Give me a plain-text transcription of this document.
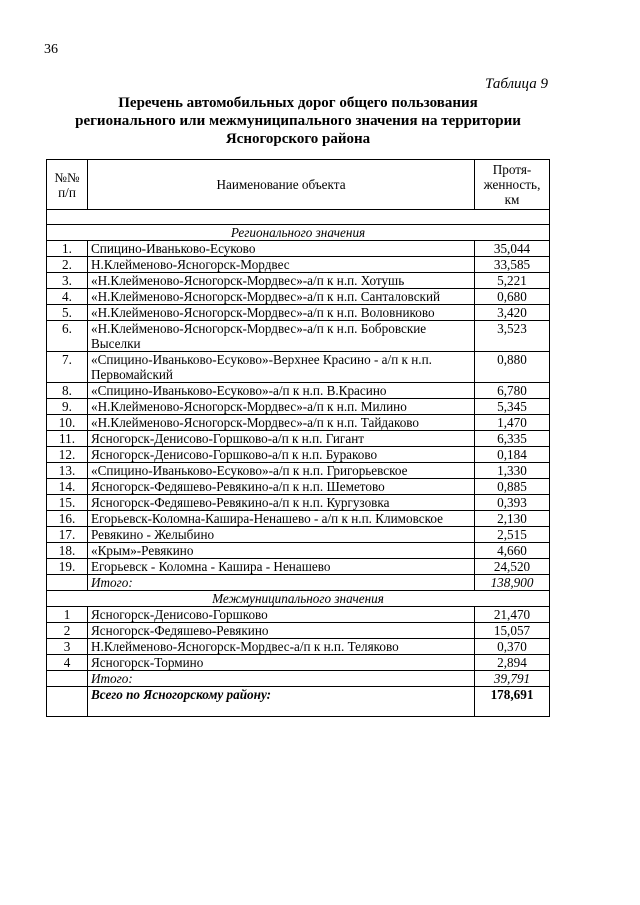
36
Таблица 9
Перечень автомобильных дорог общего пользования
регионального или межмуниципального значения на территории
Ясногорского района
№№ п/п	Наименование объекта	Протя-женность, км

Регионального значения		
1.	Спицино-Иваньково-Есуково	35,044
2.	Н.Клейменово-Ясногорск-Мордвес	33,585
3.	«Н.Клейменово-Ясногорск-Мордвес»-а/п к н.п. Хотушь	5,221
4.	«Н.Клейменово-Ясногорск-Мордвес»-а/п к н.п. Санталовский	0,680
5.	«Н.Клейменово-Ясногорск-Мордвес»-а/п к н.п. Воловниково	3,420
6.	«Н.Клейменово-Ясногорск-Мордвес»-а/п к н.п. Бобровские Выселки	3,523
7.	«Спицино-Иваньково-Есуково»-Верхнее Красино - а/п к н.п. Первомайский	0,880
8.	«Спицино-Иваньково-Есуково»-а/п к н.п. В.Красино	6,780
9.	«Н.Клейменово-Ясногорск-Мордвес»-а/п к н.п. Милино	5,345
10.	«Н.Клейменово-Ясногорск-Мордвес»-а/п к н.п. Тайдаково	1,470
11.	Ясногорск-Денисово-Горшково-а/п к н.п. Гигант	6,335
12.	Ясногорск-Денисово-Горшково-а/п к н.п. Бураково	0,184
13.	«Спицино-Иваньково-Есуково»-а/п к н.п. Григорьевское	1,330
14.	Ясногорск-Федяшево-Ревякино-а/п к н.п. Шеметово	0,885
15.	Ясногорск-Федяшево-Ревякино-а/п к н.п. Кургузовка	0,393
16.	Егорьевск-Коломна-Кашира-Ненашево - а/п к н.п. Климовское	2,130
17.	Ревякино - Желыбино	2,515
18.	«Крым»-Ревякино	4,660
19.	Егорьевск - Коломна - Кашира - Ненашево	24,520
	Итого:	138,900
Межмуниципального значения		
1	Ясногорск-Денисово-Горшково	21,470
2	Ясногорск-Федяшево-Ревякино	15,057
3	Н.Клейменово-Ясногорск-Мордвес-а/п к н.п. Теляково	0,370
4	Ясногорск-Тормино	2,894
	Итого:	39,791
	Всего по Ясногорскому району:	178,691
